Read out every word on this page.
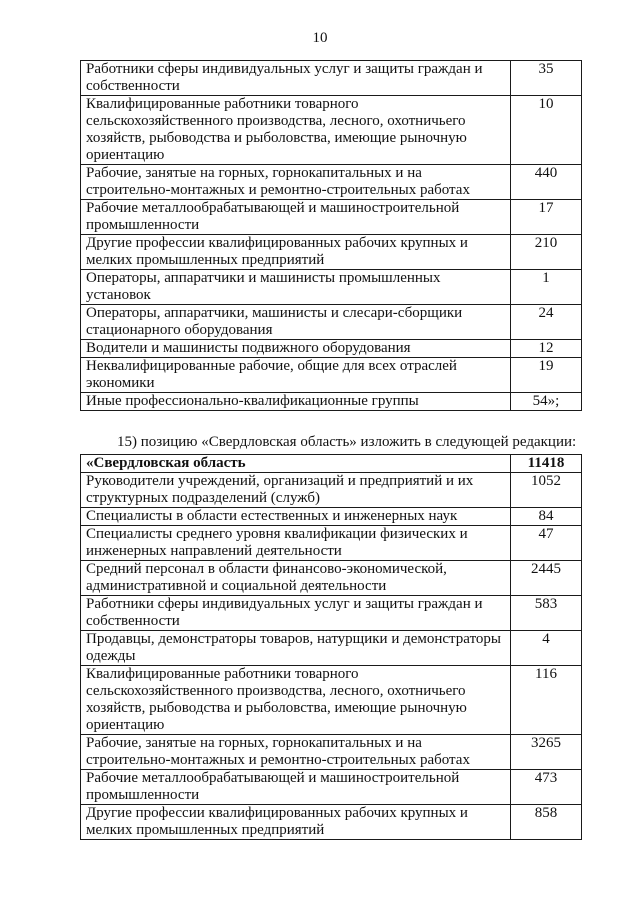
10
Работники сферы индивидуальных услуг и защиты граждан и собственности	35
Квалифицированные работники товарного сельскохозяйственного производства, лесного, охотничьего хозяйств, рыбоводства и рыболовства, имеющие рыночную ориентацию	10
Рабочие, занятые на горных, горнокапитальных и на строительно-монтажных и ремонтно-строительных работах	440
Рабочие металлообрабатывающей и машиностроительной промышленности	17
Другие профессии квалифицированных рабочих крупных и мелких промышленных предприятий	210
Операторы, аппаратчики и машинисты промышленных установок	1
Операторы, аппаратчики, машинисты и слесари-сборщики стационарного оборудования	24
Водители и машинисты подвижного оборудования	12
Неквалифицированные рабочие, общие для всех отраслей экономики	19
Иные профессионально-квалификационные группы	54»;
15) позицию «Свердловская область» изложить в следующей редакции:
«Свердловская область	11418
Руководители учреждений, организаций и предприятий и их структурных подразделений (служб)	1052
Специалисты в области естественных и инженерных наук	84
Специалисты среднего уровня квалификации физических и инженерных направлений деятельности	47
Средний персонал в области финансово-экономической, административной и социальной деятельности	2445
Работники сферы индивидуальных услуг и защиты граждан и собственности	583
Продавцы, демонстраторы товаров, натурщики и демонстраторы одежды	4
Квалифицированные работники товарного сельскохозяйственного производства, лесного, охотничьего хозяйств, рыбоводства и рыболовства, имеющие рыночную ориентацию	116
Рабочие, занятые на горных, горнокапитальных и на строительно-монтажных и ремонтно-строительных работах	3265
Рабочие металлообрабатывающей и машиностроительной промышленности	473
Другие профессии квалифицированных рабочих крупных и мелких промышленных предприятий	858
